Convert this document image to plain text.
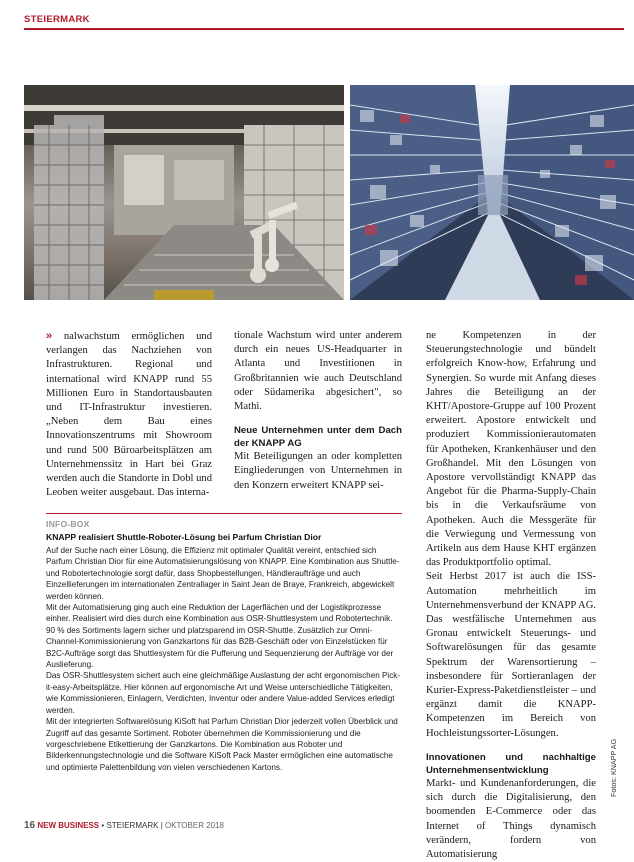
STEIERMARK

» nalwachstum ermöglichen und verlangen das Nachziehen von Infrastrukturen. Regional und international wird KNAPP rund 55 Millionen Euro in Standortausbauten und IT-Infrastruktur investieren. „Neben dem Bau eines Innovationszentrums mit Showroom und rund 500 Büroarbeitsplätzen am Unternehmenssitz in Hart bei Graz werden auch die Standorte in Dobl und Leoben weiter ausgebaut. Das interna-

tionale Wachstum wird unter anderem durch ein neues US-Headquarter in Atlanta und Investitionen in Großbritannien wie auch Deutschland oder Südamerika abgesichert", so Mathi.

Neue Unternehmen unter dem Dach der KNAPP AG

Mit Beteiligungen an oder kompletten Eingliederungen von Unternehmen in den Konzern erweitert KNAPP sei-

ne Kompetenzen in der Steuerungstechnologie und bündelt erfolgreich Know-how, Erfahrung und Synergien. So wurde mit Anfang dieses Jahres die Beteiligung an der KHT/Apostore-Gruppe auf 100 Prozent erweitert. Apostore entwickelt und produziert Kommissionierautomaten für Apotheken, Krankenhäuser und den Großhandel. Mit den Lösungen von Apostore vervollständigt KNAPP das Angebot für die Pharma-Supply-Chain bis in die Verkaufsräume von Apotheken. Auch die Messgeräte für die Verwiegung und Vermessung von Artikeln aus dem Hause KHT ergänzen das Produktportfolio optimal.

Seit Herbst 2017 ist auch die ISS-Automation mehrheitlich im Unternehmensverbund der KNAPP AG. Das westfälische Unternehmen aus Gronau entwickelt Steuerungs- und Softwarelösungen für das gesamte Spektrum der Warensortierung – insbesondere für Sortieranlagen der Kurier-Express-Paketdienstleister – und ergänzt damit die KNAPP-Kompetenzen im Bereich von Hochleistungssorter-Lösungen.

Innovationen und nachhaltige Unternehmensentwicklung

Markt- und Kundenanforderungen, die sich durch die Digitalisierung, den boomenden E-Commerce oder das Internet of Things dynamisch verändern, fordern von Automatisierung

INFO-BOX
KNAPP realisiert Shuttle-Roboter-Lösung bei Parfum Christian Dior

Auf der Suche nach einer Lösung, die Effizienz mit optimaler Qualität vereint, entschied sich Parfum Christian Dior für eine Automatisierungslösung von KNAPP. Eine Kombination aus Shuttle- und Robotertechnologie sorgt dafür, dass Shopbestellungen, Händleraufträge und auch Einzellieferungen im internationalen Zentrallager in Saint Jean de Braye, Frankreich, abgewickelt werden können.

Mit der Automatisierung ging auch eine Reduktion der Lagerflächen und der Logistikprozesse einher. Realisiert wird dies durch eine Kombination aus OSR-Shuttlesystem und Robotertechnik. 90 % des Sortiments lagern sicher und platzsparend im OSR-Shuttle. Zusätzlich zur Omni-Channel-Kommissionierung von Ganzkartons für das B2B-Geschäft oder von Einzelstücken für B2C-Aufträge sorgt das Shuttlesystem für die Pufferung und Sequenzierung der Aufträge vor der Auslieferung.

Das OSR-Shuttlesystem sichert auch eine gleichmäßige Auslastung der acht ergonomischen Pick-it-easy-Arbeitsplätze. Hier können auf ergonomische Art und Weise unterschiedliche Tätigkeiten, wie Kommissionieren, Einlagern, Verdichten, Inventur oder andere Value-added Services erledigt werden.

Mit der integrierten Softwarelösung KiSoft hat Parfum Christian Dior jederzeit vollen Überblick und Zugriff auf das gesamte Sortiment. Roboter übernehmen die Kommissionierung und die vorgeschriebene Etikettierung der Ganzkartons. Die Kombination aus Roboter und Bilderkennungstechnologie und die Software KiSoft Pack Master ermöglichen eine automatische und optimierte Palettenbildung von vielen verschiedenen Kartons.	Fotos: KNAPP AG
16 NEW BUSINESS • STEIERMARK | OKTOBER 2018
